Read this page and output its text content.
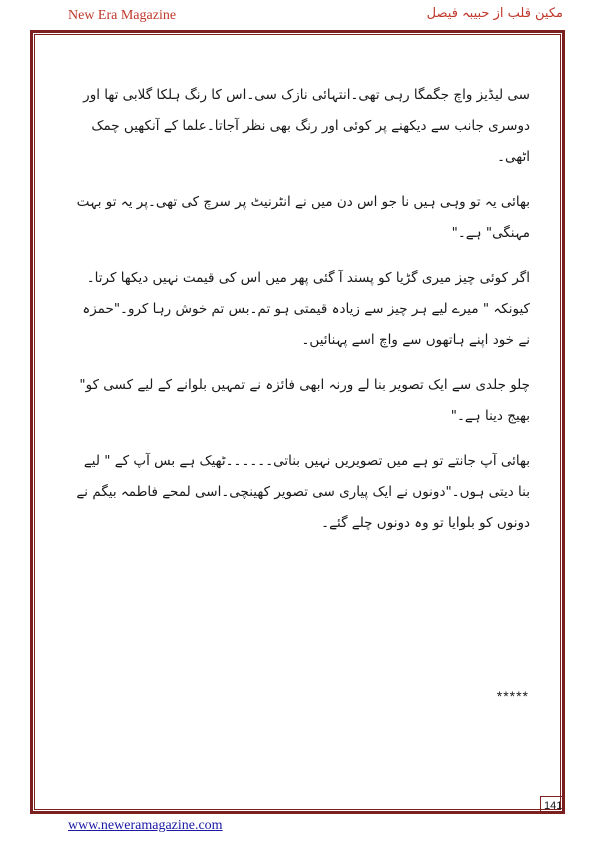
New Era Magazine	مکین قلب از حبیبہ فیصل

سی لیڈیز واچ جگمگا رہی تھی۔انتہائی نازک سی۔اس کا رنگ ہلکا گلابی تھا اور دوسری جانب سے دیکھنے پر کوئی اور رنگ بھی نظر آجاتا۔علما کے آنکھیں چمک اٹھی۔

بھائی یہ تو وہی ہیں نا جو اس دن میں نے انٹرنیٹ پر سرچ کی تھی۔پر یہ تو بہت مہنگی" ہے۔"

اگر کوئی چیز میری گڑیا کو پسند آ گئی پھر میں اس کی قیمت نہیں دیکھا کرتا۔کیونکہ " میرے لیے ہر چیز سے زیادہ قیمتی ہو تم۔بس تم خوش رہا کرو۔"حمزہ نے خود اپنے ہاتھوں سے واچ اسے پہنائیں۔

چلو جلدی سے ایک تصویر بنا لے ورنہ ابھی فائزہ نے تمہیں بلوانے کے لیے کسی کو" بھیج دینا ہے۔"

بھائی آپ جانتے تو ہے میں تصویریں نہیں بناتی۔۔۔۔۔۔ٹھیک ہے بس آپ کے " لیے بنا دیتی ہوں۔"دونوں نے ایک پیاری سی تصویر کھینچی۔اسی لمحے فاطمہ بیگم نے دونوں کو بلوایا تو وہ دونوں چلے گئے۔

*****
141
www.neweramagazine.com
